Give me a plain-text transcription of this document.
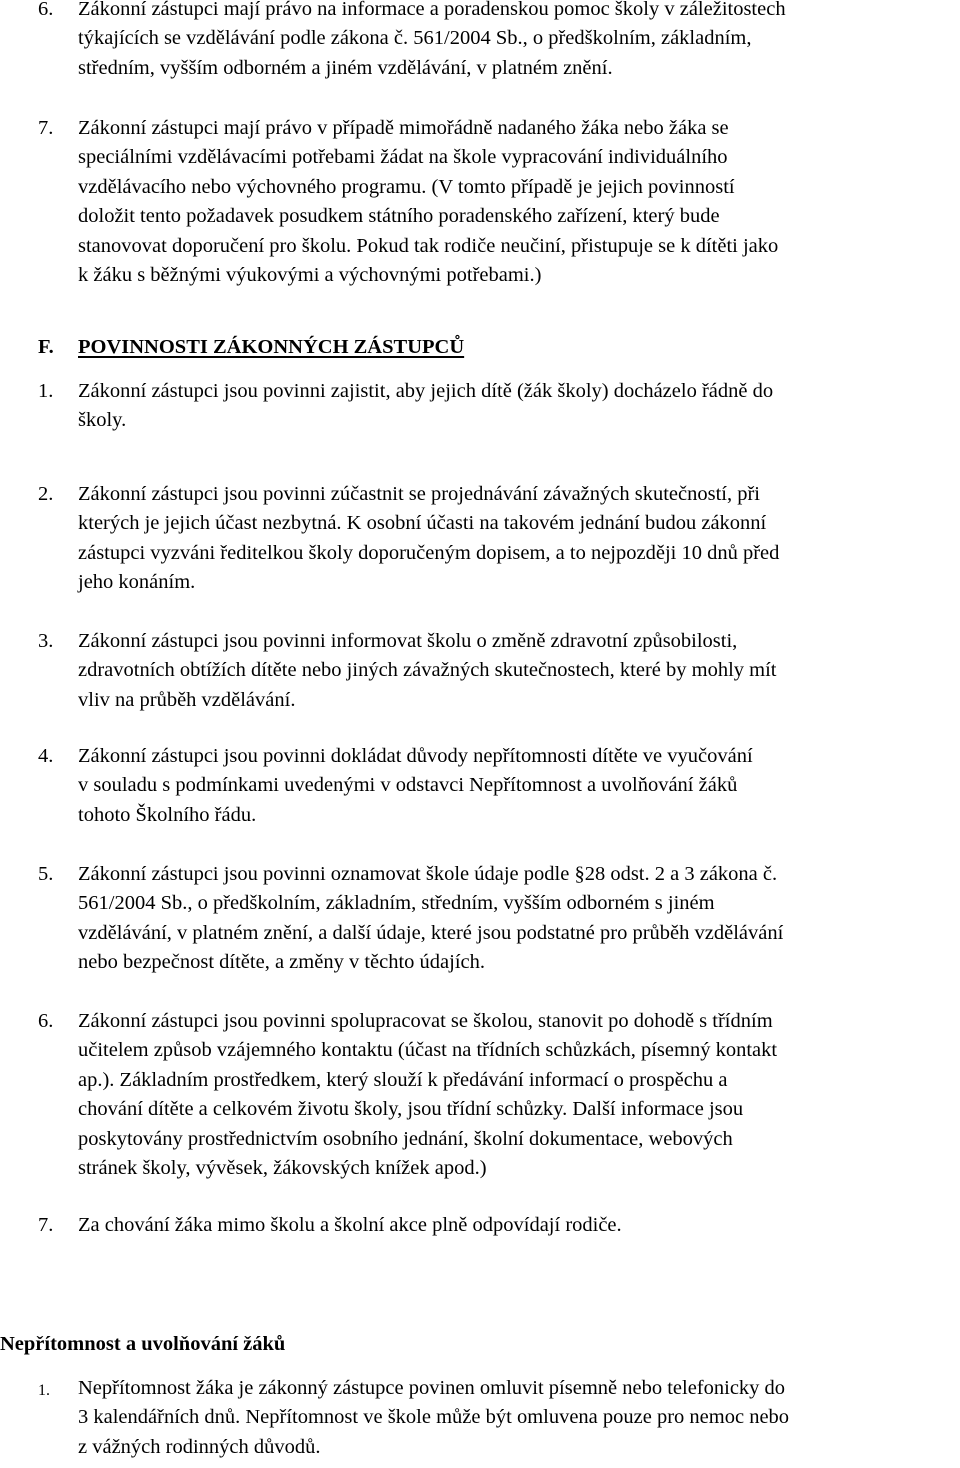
6. Zákonní zástupci mají právo na informace a poradenskou pomoc školy v záležitostech
týkajících se vzdělávání podle zákona č. 561/2004 Sb., o předškolním, základním,
středním, vyšším odborném a jiném vzdělávání, v platném znění.
7. Zákonní zástupci mají právo v případě mimořádně nadaného žáka nebo žáka se
speciálními vzdělávacími potřebami žádat na škole vypracování individuálního
vzdělávacího nebo výchovného programu. (V tomto případě je jejich povinností
doložit tento požadavek posudkem státního poradenského zařízení, který bude
stanovovat doporučení pro školu. Pokud tak rodiče neučiní, přistupuje se k dítěti jako
k žáku s běžnými výukovými a výchovnými potřebami.)
F. POVINNOSTI ZÁKONNÝCH ZÁSTUPCŮ
1. Zákonní zástupci jsou povinni zajistit, aby jejich dítě (žák školy) docházelo řádně do
školy.
2. Zákonní zástupci jsou povinni zúčastnit se projednávání závažných skutečností, při
kterých je jejich účast nezbytná. K osobní účasti na takovém jednání budou zákonní
zástupci vyzváni ředitelkou školy doporučeným dopisem, a to nejpozději 10 dnů před
jeho konáním.
3. Zákonní zástupci jsou povinni informovat školu o změně zdravotní způsobilosti,
zdravotních obtížích dítěte nebo jiných závažných skutečnostech, které by mohly mít
vliv na průběh vzdělávání.
4. Zákonní zástupci jsou povinni dokládat důvody nepřítomnosti dítěte ve vyučování
v souladu s podmínkami uvedenými v odstavci Nepřítomnost a uvolňování žáků
tohoto Školního řádu.
5. Zákonní zástupci jsou povinni oznamovat škole údaje podle §28 odst. 2 a 3 zákona č.
561/2004 Sb., o předškolním, základním, středním, vyšším odborném s jiném
vzdělávání, v platném znění, a další údaje, které jsou podstatné pro průběh vzdělávání
nebo bezpečnost dítěte, a změny v těchto údajích.
6. Zákonní zástupci jsou povinni spolupracovat se školou, stanovit po dohodě s třídním
učitelem způsob vzájemného kontaktu (účast na třídních schůzkách, písemný kontakt
ap.). Základním prostředkem, který slouží k předávání informací o prospěchu a
chování dítěte a celkovém životu školy, jsou třídní schůzky. Další informace jsou
poskytovány prostřednictvím osobního jednání, školní dokumentace, webových
stránek školy, vývěsek, žákovských knížek apod.)
7. Za chování žáka mimo školu a školní akce plně odpovídají rodiče.
Nepřítomnost a uvolňování žáků
1. Nepřítomnost žáka je zákonný zástupce povinen omluvit písemně nebo telefonicky do
3 kalendářních dnů. Nepřítomnost ve škole může být omluvena pouze pro nemoc nebo
z vážných rodinných důvodů.
